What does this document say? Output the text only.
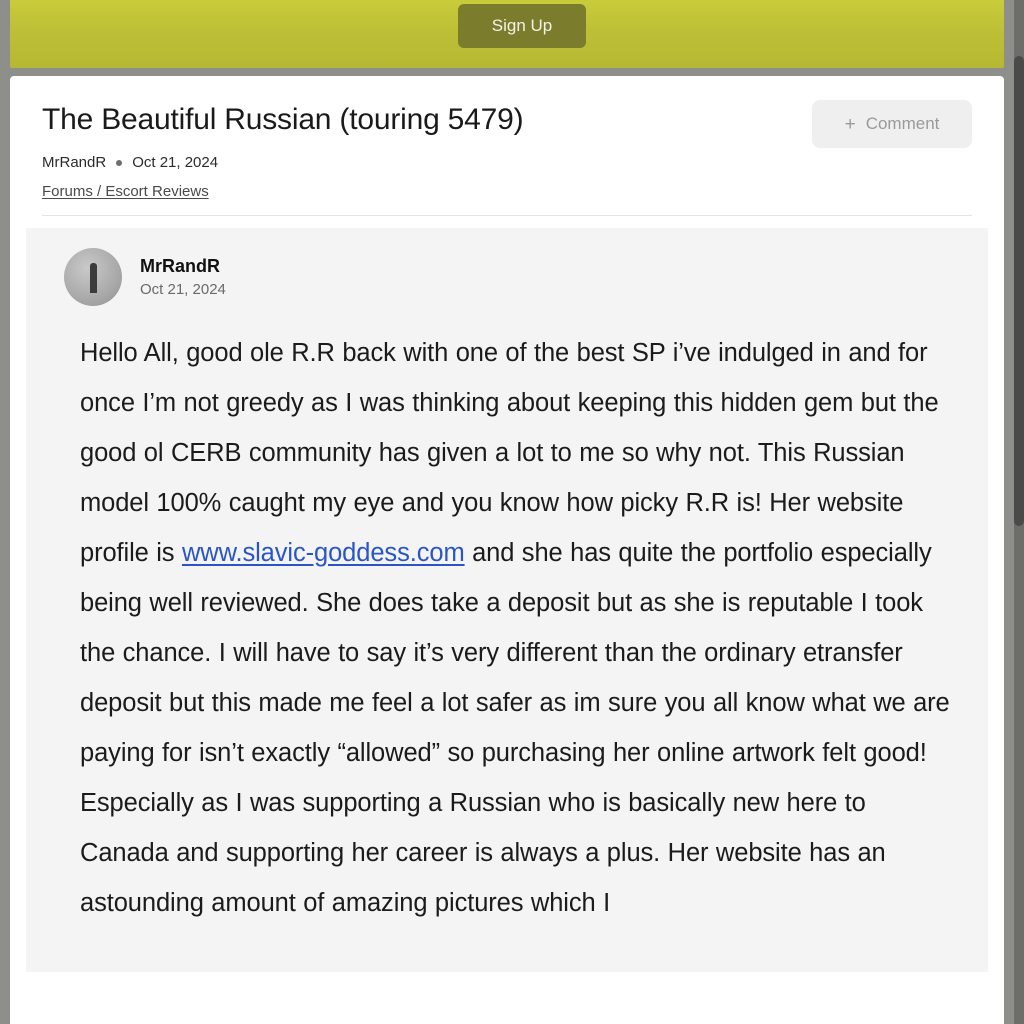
Sign Up
The Beautiful Russian (touring 5479)
MrRandR Oct 21, 2024
Forums / Escort Reviews
+ Comment
MrRandR
Oct 21, 2024
Hello All, good ole R.R back with one of the best SP i’ve indulged in and for once I’m not greedy as I was thinking about keeping this hidden gem but the good ol CERB community has given a lot to me so why not. This Russian model 100% caught my eye and you know how picky R.R is! Her website profile is www.slavic-goddess.com and she has quite the portfolio especially being well reviewed. She does take a deposit but as she is reputable I took the chance. I will have to say it’s very different than the ordinary etransfer deposit but this made me feel a lot safer as im sure you all know what we are paying for isn’t exactly “allowed” so purchasing her online artwork felt good! Especially as I was supporting a Russian who is basically new here to Canada and supporting her career is always a plus. Her website has an astounding amount of amazing pictures which I
